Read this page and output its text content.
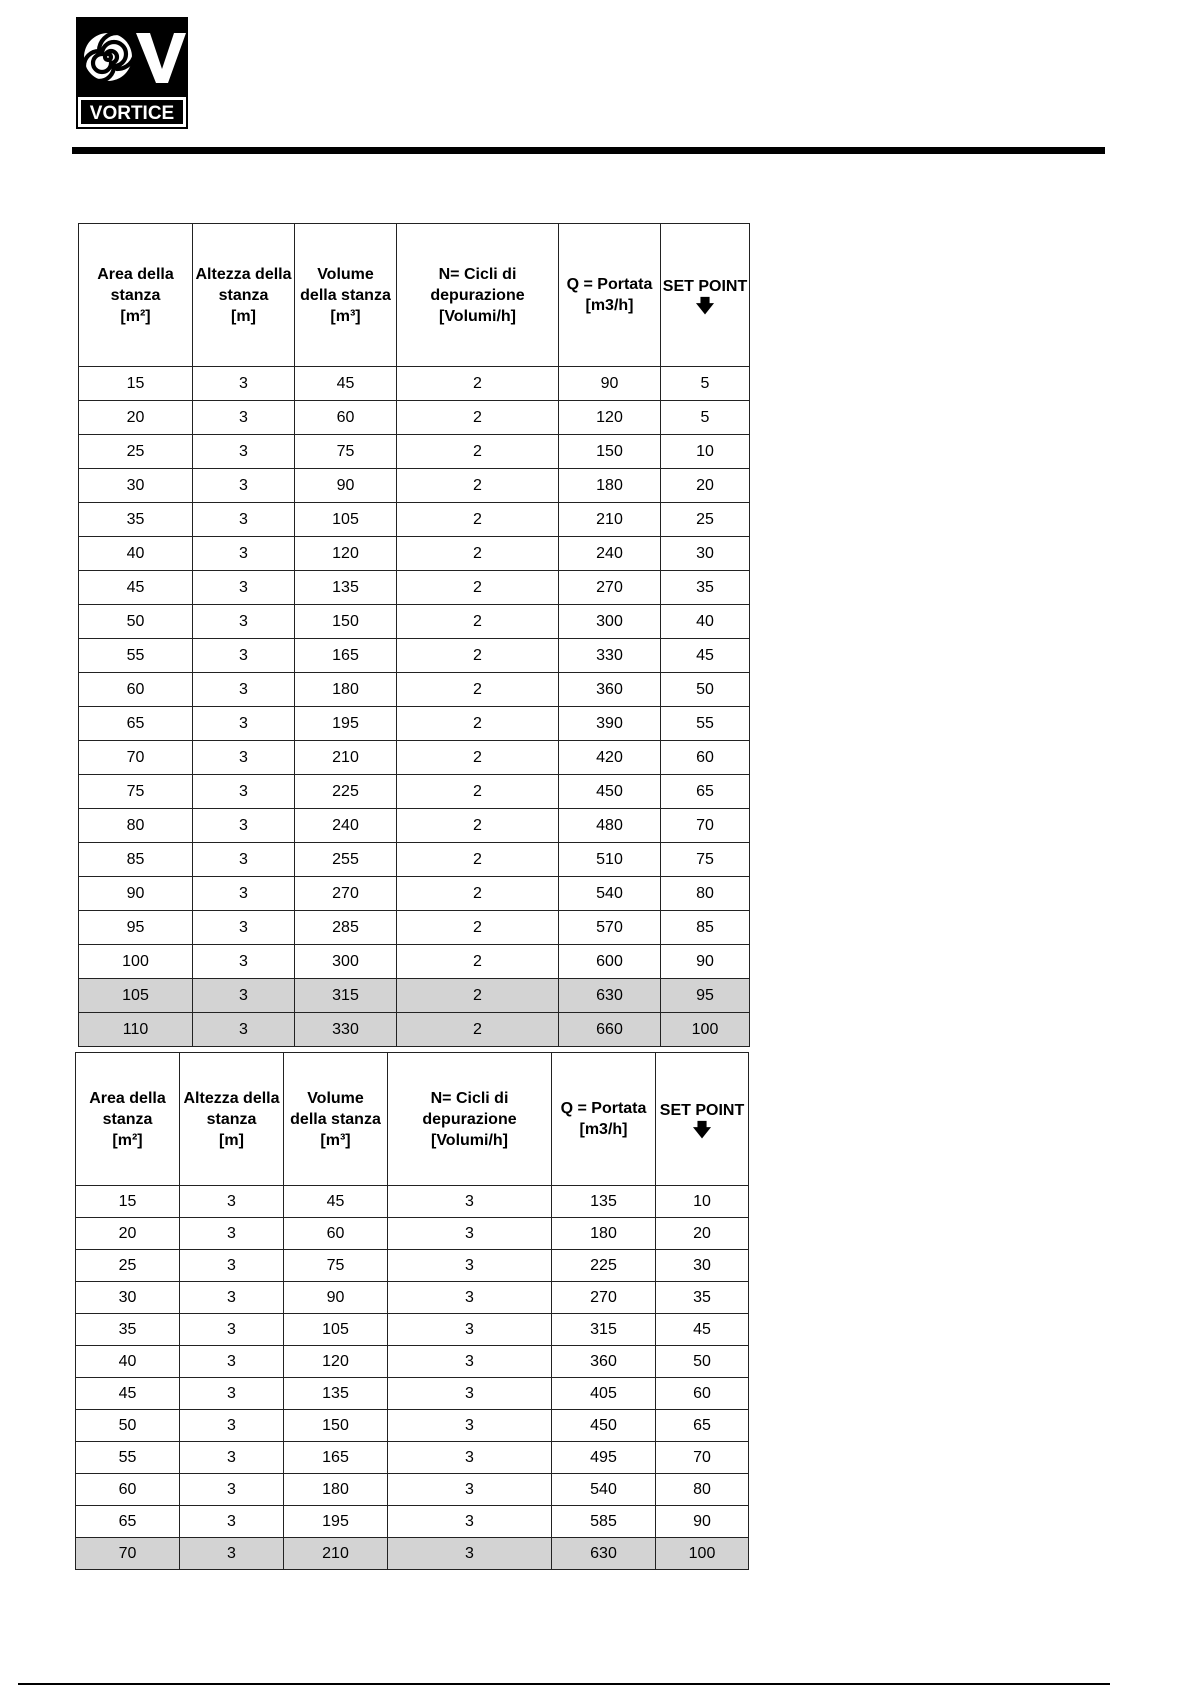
VORTICE
Area della
stanza
[m²]	Altezza della
stanza
[m]	Volume
della stanza
[m³]	N= Cicli di
depurazione
[Volumi/h]	Q = Portata
[m3/h]	SET POINT
🡇

15	3	45	2	90	5
20	3	60	2	120	5
25	3	75	2	150	10
30	3	90	2	180	20
35	3	105	2	210	25
40	3	120	2	240	30
45	3	135	2	270	35
50	3	150	2	300	40
55	3	165	2	330	45
60	3	180	2	360	50
65	3	195	2	390	55
70	3	210	2	420	60
75	3	225	2	450	65
80	3	240	2	480	70
85	3	255	2	510	75
90	3	270	2	540	80
95	3	285	2	570	85
100	3	300	2	600	90
105	3	315	2	630	95
110	3	330	2	660	100
Area della
stanza
[m²]	Altezza della
stanza
[m]	Volume
della stanza
[m³]	N= Cicli di
depurazione
[Volumi/h]	Q = Portata
[m3/h]	SET POINT
🡇

15	3	45	3	135	10
20	3	60	3	180	20
25	3	75	3	225	30
30	3	90	3	270	35
35	3	105	3	315	45
40	3	120	3	360	50
45	3	135	3	405	60
50	3	150	3	450	65
55	3	165	3	495	70
60	3	180	3	540	80
65	3	195	3	585	90
70	3	210	3	630	100
